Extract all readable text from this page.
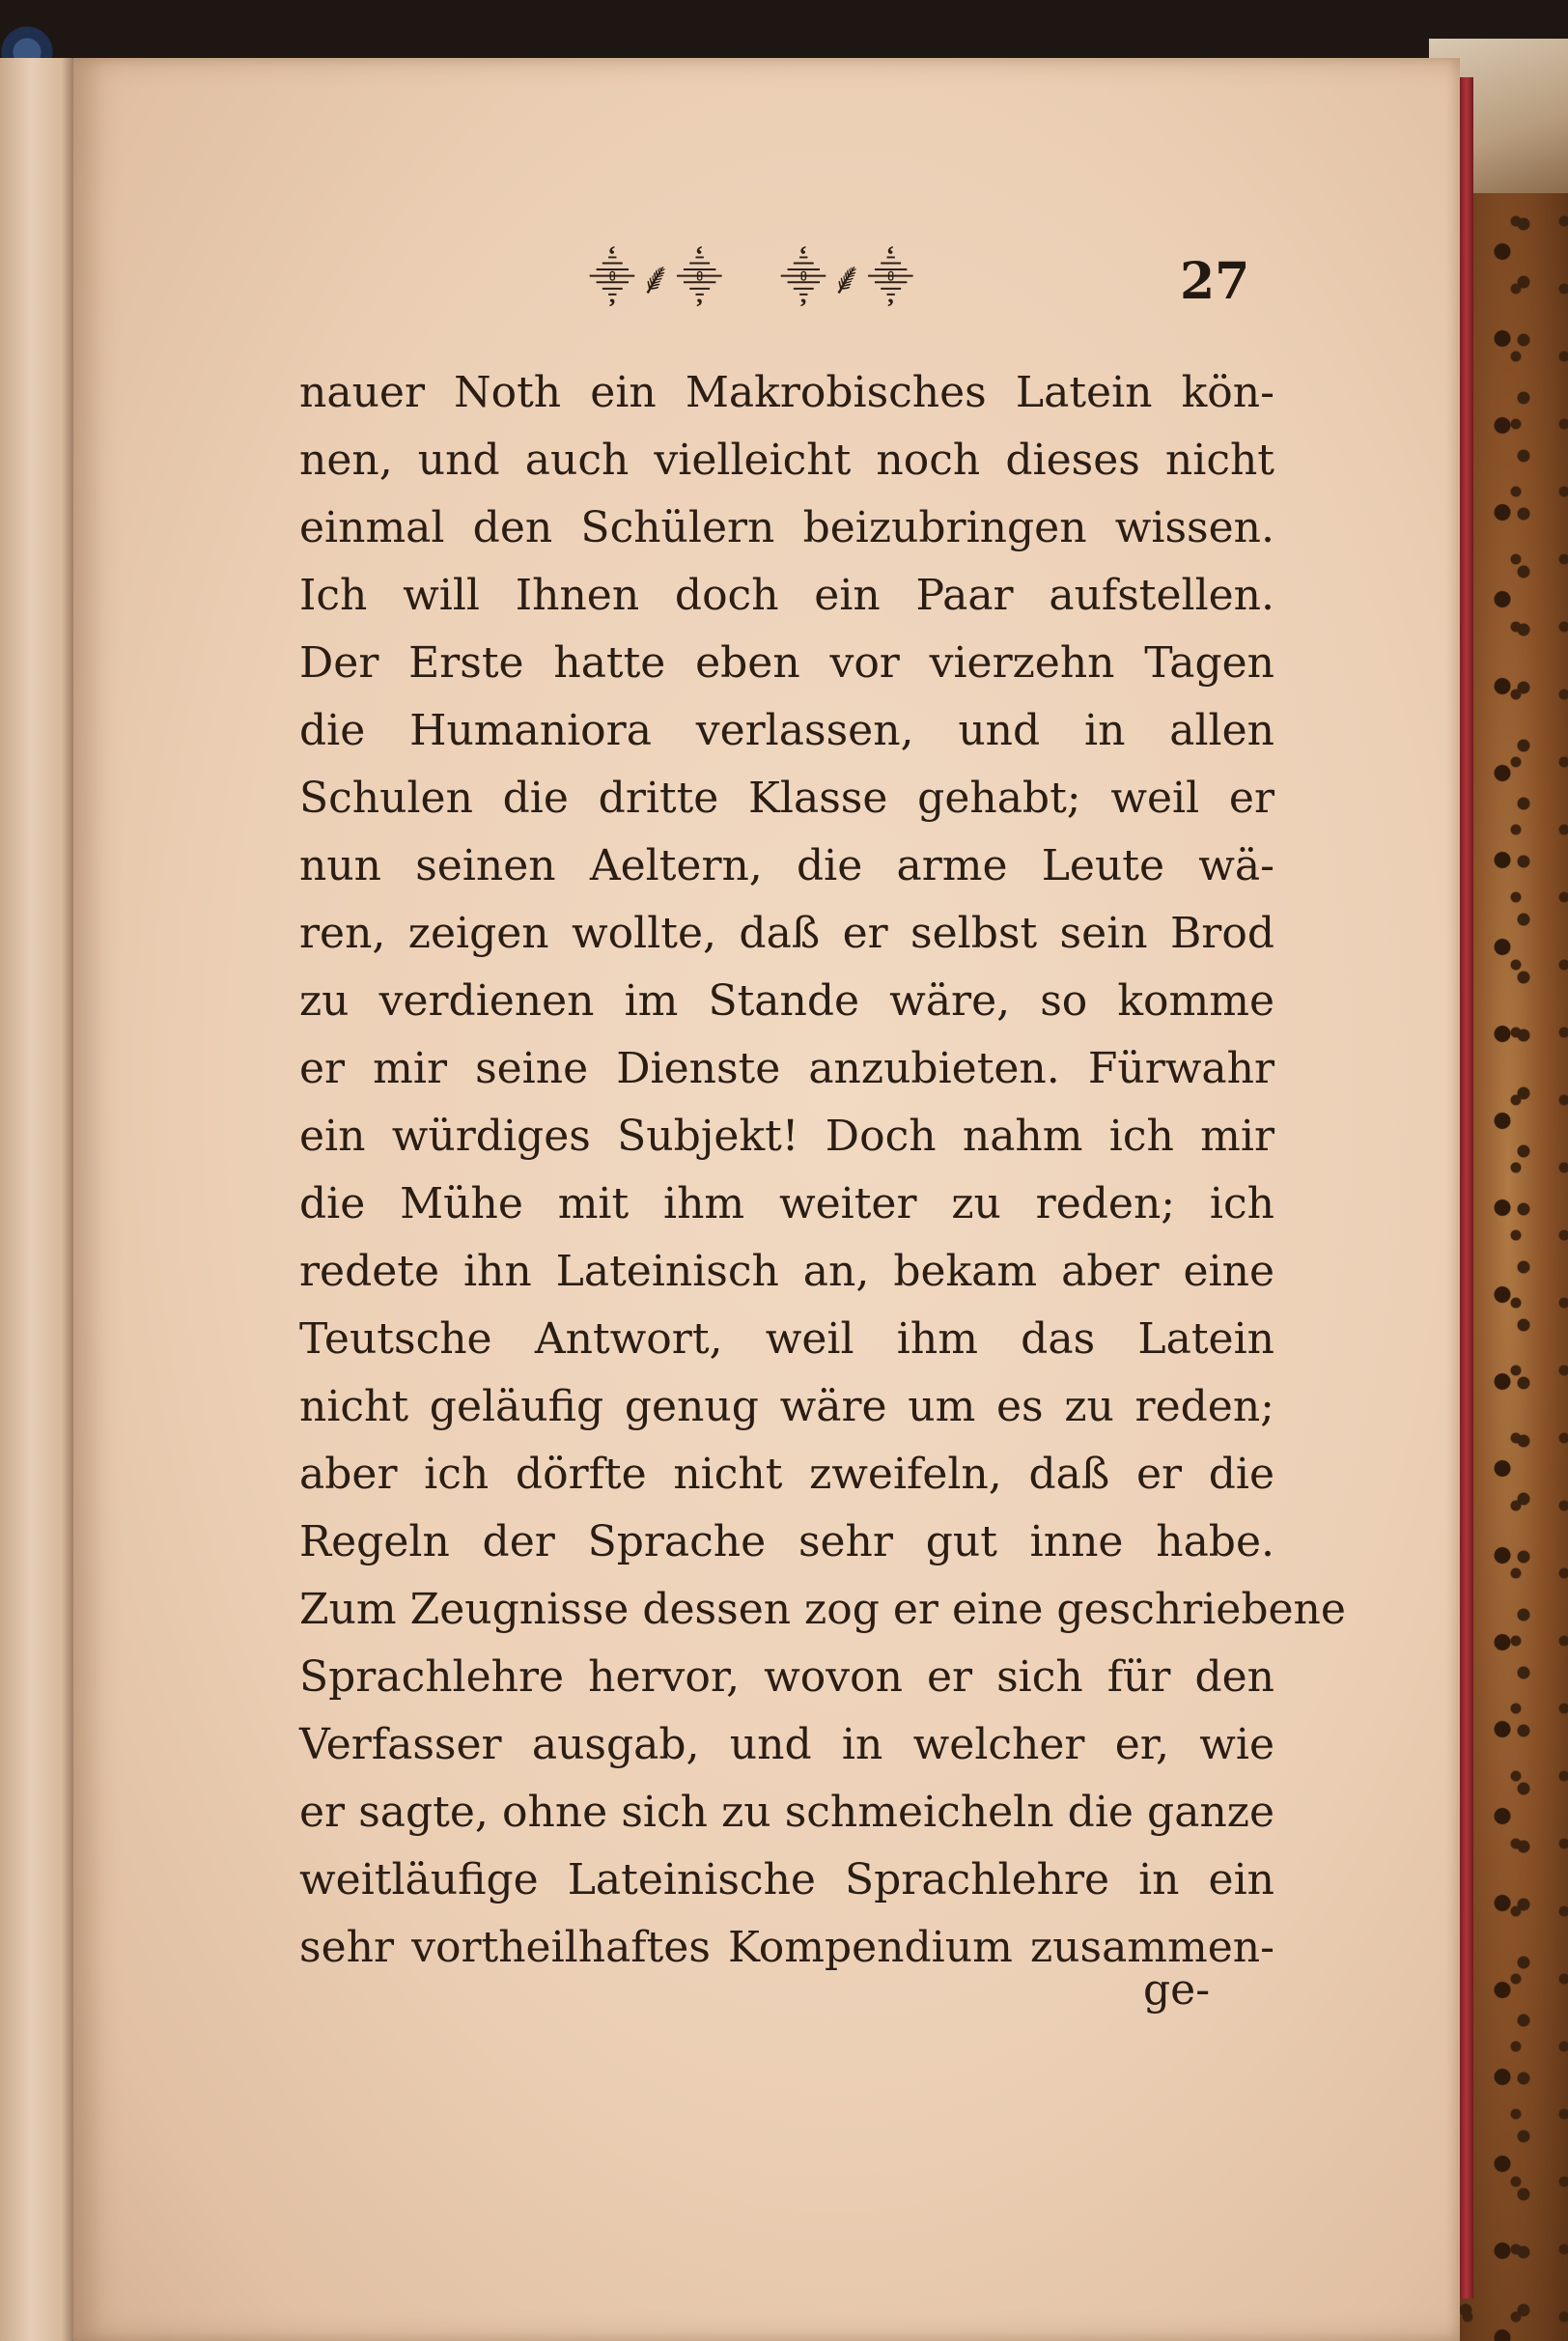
⸎⸙⸎ ⸎⸙⸎	27
nauer Noth ein Makrobisches Latein kön-
nen, und auch vielleicht noch dieses nicht
einmal den Schülern beizubringen wissen.
Ich will Ihnen doch ein Paar aufstellen.
Der Erste hatte eben vor vierzehn Tagen
die Humaniora verlassen, und in allen
Schulen die dritte Klasse gehabt; weil er
nun seinen Aeltern, die arme Leute wä-
ren, zeigen wollte, daß er selbst sein Brod
zu verdienen im Stande wäre, so komme
er mir seine Dienste anzubieten. Fürwahr
ein würdiges Subjekt! Doch nahm ich mir
die Mühe mit ihm weiter zu reden; ich
redete ihn Lateinisch an, bekam aber eine
Teutsche Antwort, weil ihm das Latein
nicht geläufig genug wäre um es zu reden;
aber ich dörfte nicht zweifeln, daß er die
Regeln der Sprache sehr gut inne habe.
Zum Zeugnisse dessen zog er eine geschriebene
Sprachlehre hervor, wovon er sich für den
Verfasser ausgab, und in welcher er, wie
er sagte, ohne sich zu schmeicheln die ganze
weitläufige Lateinische Sprachlehre in ein
sehr vortheilhaftes Kompendium zusammen-
ge-
